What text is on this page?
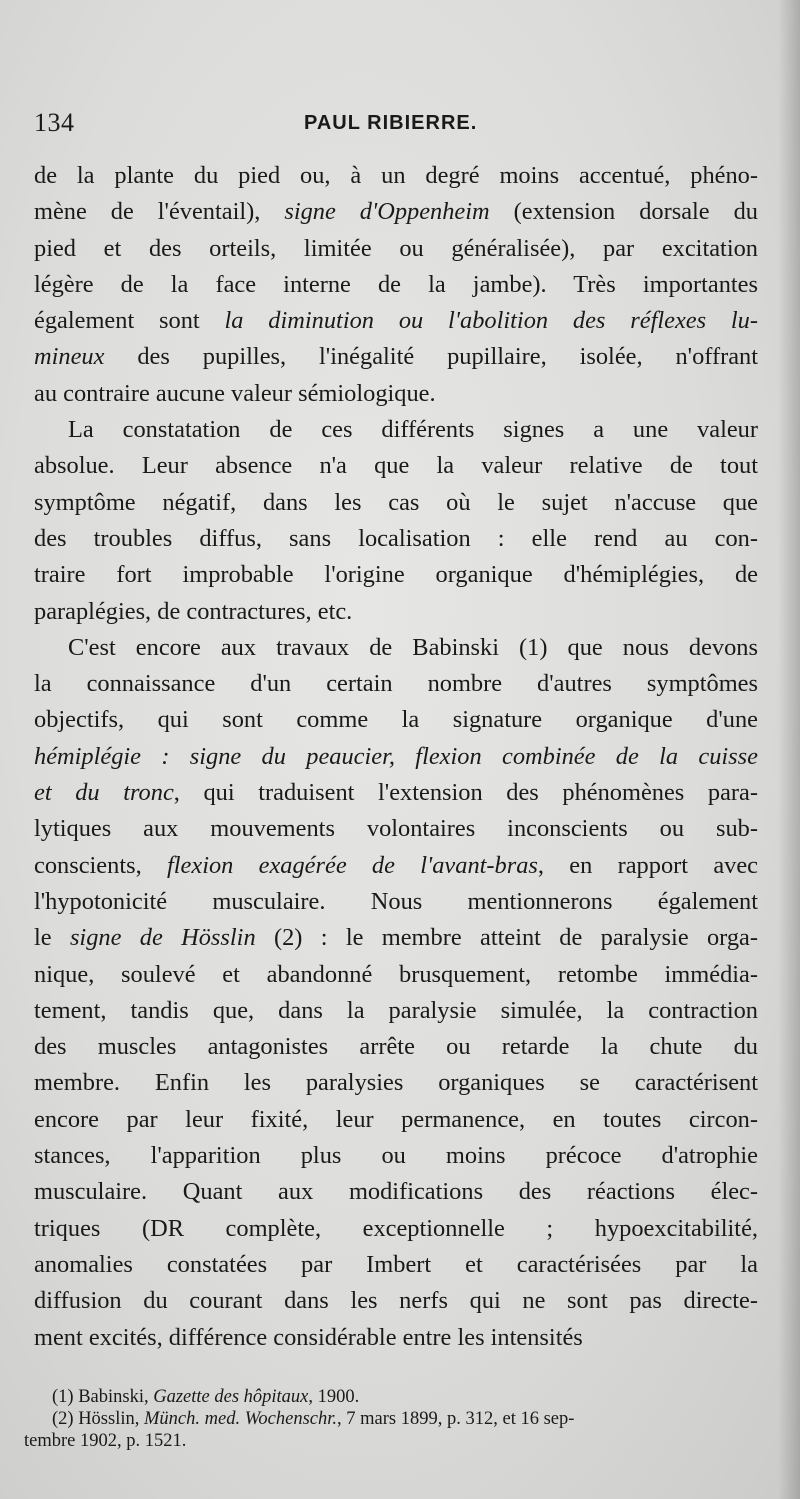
134	PAUL RIBIERRE.
de la plante du pied ou, à un degré moins accentué, phéno-
mène de l'éventail), signe d'Oppenheim (extension dorsale du
pied et des orteils, limitée ou généralisée), par excitation
légère de la face interne de la jambe). Très importantes
également sont la diminution ou l'abolition des réflexes lu-
mineux des pupilles, l'inégalité pupillaire, isolée, n'offrant
au contraire aucune valeur sémiologique.
La constatation de ces différents signes a une valeur
absolue. Leur absence n'a que la valeur relative de tout
symptôme négatif, dans les cas où le sujet n'accuse que
des troubles diffus, sans localisation : elle rend au con-
traire fort improbable l'origine organique d'hémiplégies, de
paraplégies, de contractures, etc.
C'est encore aux travaux de Babinski (1) que nous devons
la connaissance d'un certain nombre d'autres symptômes
objectifs, qui sont comme la signature organique d'une
hémiplégie : signe du peaucier, flexion combinée de la cuisse
et du tronc, qui traduisent l'extension des phénomènes para-
lytiques aux mouvements volontaires inconscients ou sub-
conscients, flexion exagérée de l'avant-bras, en rapport avec
l'hypotonicité musculaire. Nous mentionnerons également
le signe de Hösslin (2) : le membre atteint de paralysie orga-
nique, soulevé et abandonné brusquement, retombe immédia-
tement, tandis que, dans la paralysie simulée, la contraction
des muscles antagonistes arrête ou retarde la chute du
membre. Enfin les paralysies organiques se caractérisent
encore par leur fixité, leur permanence, en toutes circon-
stances, l'apparition plus ou moins précoce d'atrophie
musculaire. Quant aux modifications des réactions élec-
triques (DR complète, exceptionnelle ; hypoexcitabilité,
anomalies constatées par Imbert et caractérisées par la
diffusion du courant dans les nerfs qui ne sont pas directe-
ment excités, différence considérable entre les intensités
(1) Babinski, Gazette des hôpitaux, 1900.
(2) Hösslin, Münch. med. Wochenschr., 7 mars 1899, p. 312, et 16 sep-
tembre 1902, p. 1521.
